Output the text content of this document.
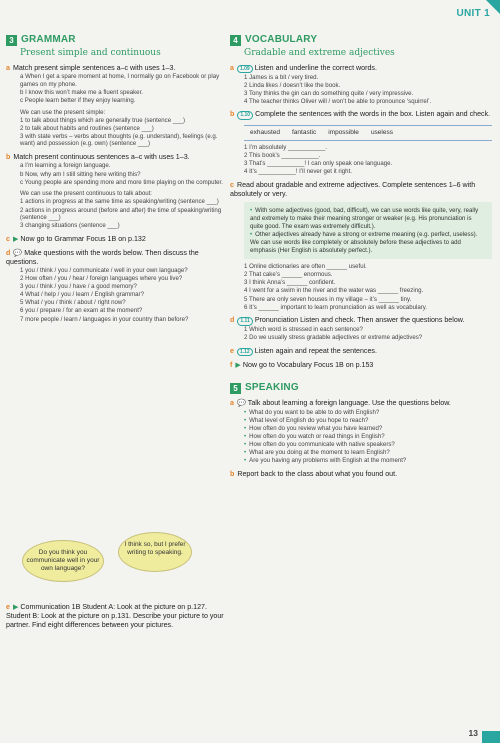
UNIT 1
3 GRAMMAR
Present simple and continuous
a Match present simple sentences a–c with uses 1–3.
a When I get a spare moment at home, I normally go on Facebook or play games on my phone.
b I know this won’t make me a fluent speaker.
c People learn better if they enjoy learning.
We can use the present simple:
1 to talk about things which are generally true (sentence ___)
2 to talk about habits and routines (sentence ___)
3 with state verbs – verbs about thoughts (e.g. understand), feelings (e.g. want) and possession (e.g. own) (sentence ___)
b Match present continuous sentences a–c with uses 1–3.
a I’m learning a foreign language.
b Now, why am I still sitting here writing this?
c Young people are spending more and more time playing on the computer.
We can use the present continuous to talk about:
1 actions in progress at the same time as speaking/writing (sentence ___)
2 actions in progress around (before and after) the time of speaking/writing (sentence ___)
3 changing situations (sentence ___)
c ▶ Now go to Grammar Focus 1B on p.132
d 💬 Make questions with the words below. Then discuss the questions.
1 you / think / you / communicate / well in your own language?
2 How often / you / hear / foreign languages where you live?
3 you / think / you / have / a good memory?
4 What / help / you / learn / English grammar?
5 What / you / think / about / right now?
6 you / prepare / for an exam at the moment?
7 more people / learn / languages in your country than before?
Do you think you communicate well in your own language?
I think so, but I prefer writing to speaking.
e ▶ Communication 1B Student A: Look at the picture on p.127. Student B: Look at the picture on p.131. Describe your picture to your partner. Find eight differences between your pictures.
4 VOCABULARY
Gradable and extreme adjectives
a 1.09 Listen and underline the correct words.
1 James is a bit / very tired.
2 Linda likes / doesn’t like the book.
3 Tony thinks the gin can do something quite / very impressive.
4 The teacher thinks Oliver will / won’t be able to pronounce ‘squirrel’.
b 1.10 Complete the sentences with the words in the box. Listen again and check.
exhausted fantastic impossible useless
1 I’m absolutely ___________.
2 This book’s ___________.
3 That’s ___________! I can only speak one language.
4 It’s ___________! I’ll never get it right.
c Read about gradable and extreme adjectives. Complete sentences 1–6 with absolutely or very.
• With some adjectives (good, bad, difficult), we can use words like quite, very, really and extremely to make their meaning stronger or weaker (e.g. His pronunciation is quite good. The exam was extremely difficult.).
• Other adjectives already have a strong or extreme meaning (e.g. perfect, useless). We can use words like completely or absolutely before these adjectives to add emphasis (Her English is absolutely perfect.).
1 Online dictionaries are often ______ useful.
2 That cake’s ______ enormous.
3 I think Anna’s ______ confident.
4 I went for a swim in the river and the water was ______ freezing.
5 There are only seven houses in my village – it’s ______ tiny.
6 It’s ______ important to learn pronunciation as well as vocabulary.
d 1.11 Pronunciation Listen and check. Then answer the questions below.
1 Which word is stressed in each sentence?
2 Do we usually stress gradable adjectives or extreme adjectives?
e 1.12 Listen again and repeat the sentences.
f ▶ Now go to Vocabulary Focus 1B on p.153
5 SPEAKING
a 💬 Talk about learning a foreign language. Use the questions below.
• What do you want to be able to do with English?
• What level of English do you hope to reach?
• How often do you review what you have learned?
• How often do you watch or read things in English?
• How often do you communicate with native speakers?
• What are you doing at the moment to learn English?
• Are you having any problems with English at the moment?
b Report back to the class about what you found out.
13
